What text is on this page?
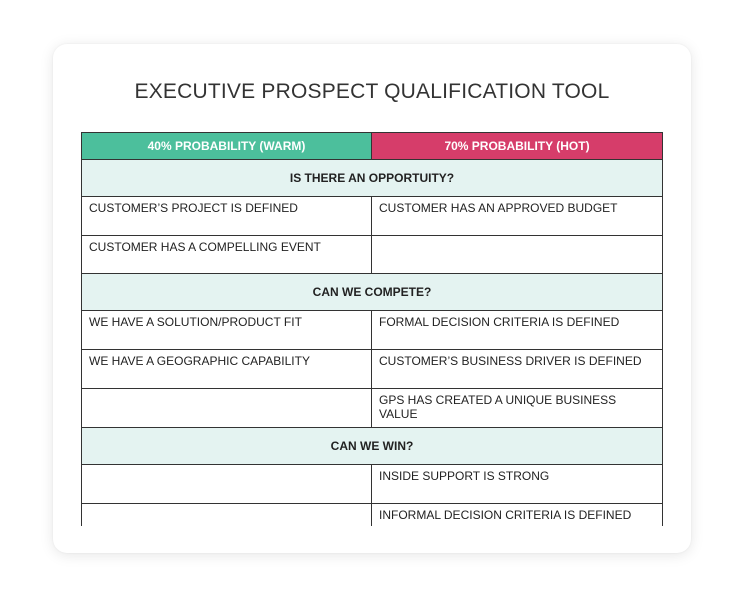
EXECUTIVE PROSPECT QUALIFICATION TOOL
40% PROBABILITY (WARM)	70% PROBABILITY (HOT)
IS THERE AN OPPORTUITY?	
CUSTOMER’S PROJECT IS DEFINED	CUSTOMER HAS AN APPROVED BUDGET
CUSTOMER HAS A COMPELLING EVENT	
CAN WE COMPETE?	
WE HAVE A SOLUTION/PRODUCT FIT	FORMAL DECISION CRITERIA IS DEFINED
WE HAVE A GEOGRAPHIC CAPABILITY	CUSTOMER’S BUSINESS DRIVER IS DEFINED
	GPS HAS CREATED A UNIQUE BUSINESS VALUE
CAN WE WIN?	
	INSIDE SUPPORT IS STRONG
	INFORMAL DECISION CRITERIA IS DEFINED
